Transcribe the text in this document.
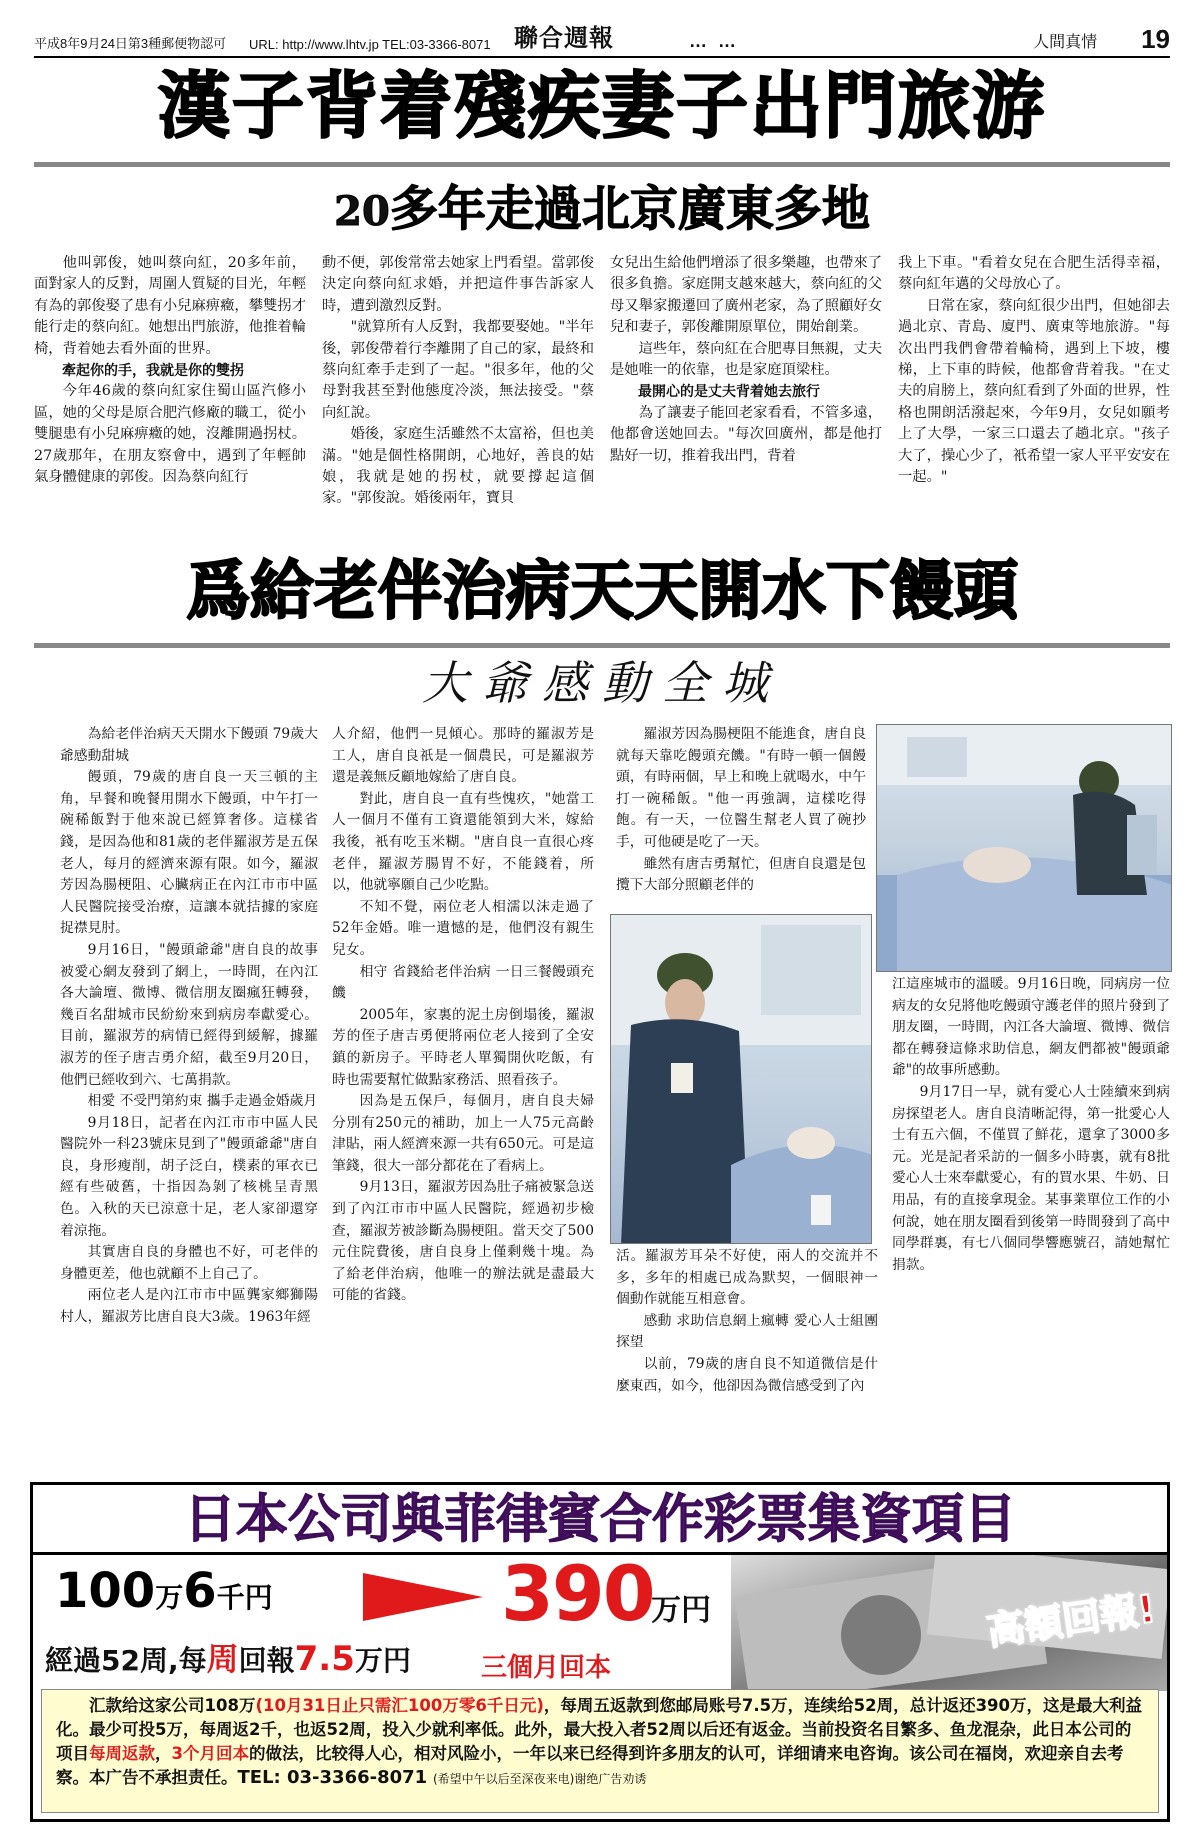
平成8年9月24日第3種郵便物認可	URL: http://www.lhtv.jp TEL:03-3366-8071 聯合週報	… …	人間真情	19
漢子背着殘疾妻子出門旅游
20多年走過北京廣東多地

他叫郭俊，她叫蔡向紅，20多年前，面對家人的反對，周圍人質疑的目光，年輕有為的郭俊娶了患有小兒麻痹癥，攀雙拐才能行走的蔡向紅。她想出門旅游，他推着輪椅，背着她去看外面的世界。

牽起你的手，我就是你的雙拐

今年46歲的蔡向紅家住蜀山區汽修小區，她的父母是原合肥汽修廠的職工，從小雙腿患有小兒麻痹癥的她，沒離開過拐杖。27歲那年，在朋友察會中，遇到了年輕帥氣身體健康的郭俊。因為蔡向紅行

動不便，郭俊常常去她家上門看望。當郭俊決定向蔡向紅求婚，并把這件事告訴家人時，遭到激烈反對。

"就算所有人反對，我都要娶她。"半年後，郭俊帶着行李離開了自己的家，最終和蔡向紅牽手走到了一起。"很多年，他的父母對我甚至對他態度冷淡，無法接受。"蔡向紅說。

婚後，家庭生活雖然不太富裕，但也美滿。"她是個性格開朗，心地好，善良的姑娘，我就是她的拐杖，就要撐起這個家。"郭俊說。婚後兩年，寶貝

女兒出生給他們增添了很多樂趣，也帶來了很多負擔。家庭開支越來越大，蔡向紅的父母又舉家搬遷回了廣州老家，為了照顧好女兒和妻子，郭俊離開原單位，開始創業。

這些年，蔡向紅在合肥專目無親，丈夫是她唯一的依靠，也是家庭頂梁柱。

最開心的是丈夫背着她去旅行

為了讓妻子能回老家看看，不管多遠，他都會送她回去。"每次回廣州，都是他打點好一切，推着我出門，背着

我上下車。"看着女兒在合肥生活得幸福，蔡向紅年邁的父母放心了。

日常在家，蔡向紅很少出門，但她卻去過北京、青島、廈門、廣東等地旅游。"每次出門我們會帶着輪椅，遇到上下坡，樓梯，上下車的時候，他都會背着我。"在丈夫的肩膀上，蔡向紅看到了外面的世界，性格也開朗活潑起來，今年9月，女兒如願考上了大學，一家三口還去了趟北京。"孩子大了，操心少了，衹希望一家人平平安安在一起。"

爲給老伴治病天天開水下饅頭
大爺感動全城

為給老伴治病天天開水下饅頭 79歲大爺感動甜城

饅頭，79歲的唐自良一天三頓的主角，早餐和晚餐用開水下饅頭，中午打一碗稀飯對于他來說已經算奢侈。這樣省錢，是因為他和81歲的老伴羅淑芳是五保老人，每月的經濟來源有限。如今，羅淑芳因為腸梗阻、心臟病正在內江市市中區人民醫院接受治療，這讓本就拮據的家庭捉襟見肘。

9月16日，"饅頭爺爺"唐自良的故事被愛心網友發到了網上，一時間，在內江各大論壇、微博、微信朋友圈瘋狂轉發，幾百名甜城市民紛紛來到病房奉獻愛心。目前，羅淑芳的病情已經得到緩解，據羅淑芳的侄子唐吉勇介紹，截至9月20日，他們已經收到六、七萬捐款。

相愛 不受門第約束 攜手走過金婚歲月

9月18日，記者在內江市市中區人民醫院外一科23號床見到了"饅頭爺爺"唐自良，身形瘦削，胡子泛白，樸素的軍衣已經有些破舊，十指因為剝了核桃呈青黑色。入秋的天已涼意十足，老人家卻還穿着涼拖。

其實唐自良的身體也不好，可老伴的身體更差，他也就顧不上自己了。

兩位老人是內江市市中區龔家鄉獅陽村人，羅淑芳比唐自良大3歲。1963年經

人介紹，他們一見傾心。那時的羅淑芳是工人，唐自良祇是一個農民，可是羅淑芳還是義無反顧地嫁給了唐自良。

對此，唐自良一直有些愧疚，"她當工人一個月不僅有工資還能領到大米，嫁給我後，衹有吃玉米糊。"唐自良一直很心疼老伴，羅淑芳腸胃不好，不能錢着，所以，他就寧願自己少吃點。

不知不覺，兩位老人相濡以沫走過了52年金婚。唯一遺憾的是，他們沒有親生兒女。

相守 省錢給老伴治病 一日三餐饅頭充饑

2005年，家裏的泥土房倒塌後，羅淑芳的侄子唐吉勇便將兩位老人接到了全安鎮的新房子。平時老人單獨開伙吃飯，有時也需要幫忙做點家務活、照看孩子。

因為是五保戶，每個月，唐自良夫婦分別有250元的補助，加上一人75元高齡津貼，兩人經濟來源一共有650元。可是這筆錢，很大一部分都花在了看病上。

9月13日，羅淑芳因為肚子痛被緊急送到了內江市市中區人民醫院，經過初步檢查，羅淑芳被診斷為腸梗阻。當天交了500元住院費後，唐自良身上僅剩幾十塊。為了給老伴治病，他唯一的辦法就是盡最大可能的省錢。

羅淑芳因為腸梗阻不能進食，唐自良就每天靠吃饅頭充饑。"有時一頓一個饅頭，有時兩個，早上和晚上就喝水，中午打一碗稀飯。"他一再強調，這樣吃得飽。有一天，一位醫生幫老人買了碗抄手，可他硬是吃了一天。

雖然有唐吉勇幫忙，但唐自良還是包攬下大部分照顧老伴的

活。羅淑芳耳朵不好使，兩人的交流并不多，多年的相處已成為默契，一個眼神一個動作就能互相意會。

感動 求助信息網上瘋轉 愛心人士組團探望

以前，79歲的唐自良不知道微信是什麼東西，如今，他卻因為微信感受到了內

江這座城市的溫暖。9月16日晚，同病房一位病友的女兒將他吃饅頭守護老伴的照片發到了朋友圈，一時間，內江各大論壇、微博、微信都在轉發這條求助信息，網友們都被"饅頭爺爺"的故事所感動。

9月17日一早，就有愛心人士陸續來到病房探望老人。唐自良清晰記得，第一批愛心人士有五六個，不僅買了鮮花，還拿了3000多元。光是記者采訪的一個多小時裏，就有8批愛心人士來奉獻愛心，有的買水果、牛奶、日用品，有的直接拿現金。某事業單位工作的小何說，她在朋友圈看到後第一時間發到了高中同學群裏，有七八個同學響應號召，請她幫忙捐款。

日本公司與菲律賓合作彩票集資項目
100万6千円	390
万円
經過52周,每周回報7.5万円	三個月回本
高額回報!
汇款给这家公司108万(10月31日止只需汇100万零6千日元)，每周五返款到您邮局账号7.5万，连续给52周，总计返还390万，这是最大利益化。最少可投5万，每周返2千，也返52周，投入少就利率低。此外，最大投入者52周以后还有返金。当前投资名目繁多、鱼龙混杂，此日本公司的项目每周返款，3个月回本的做法，比较得人心，相对风险小，一年以来已经得到许多朋友的认可，详细请来电咨询。该公司在福岗，欢迎亲自去考察。本广告不承担责任。TEL: 03-3366-8071 (希望中午以后至深夜来电)谢绝广告劝诱
